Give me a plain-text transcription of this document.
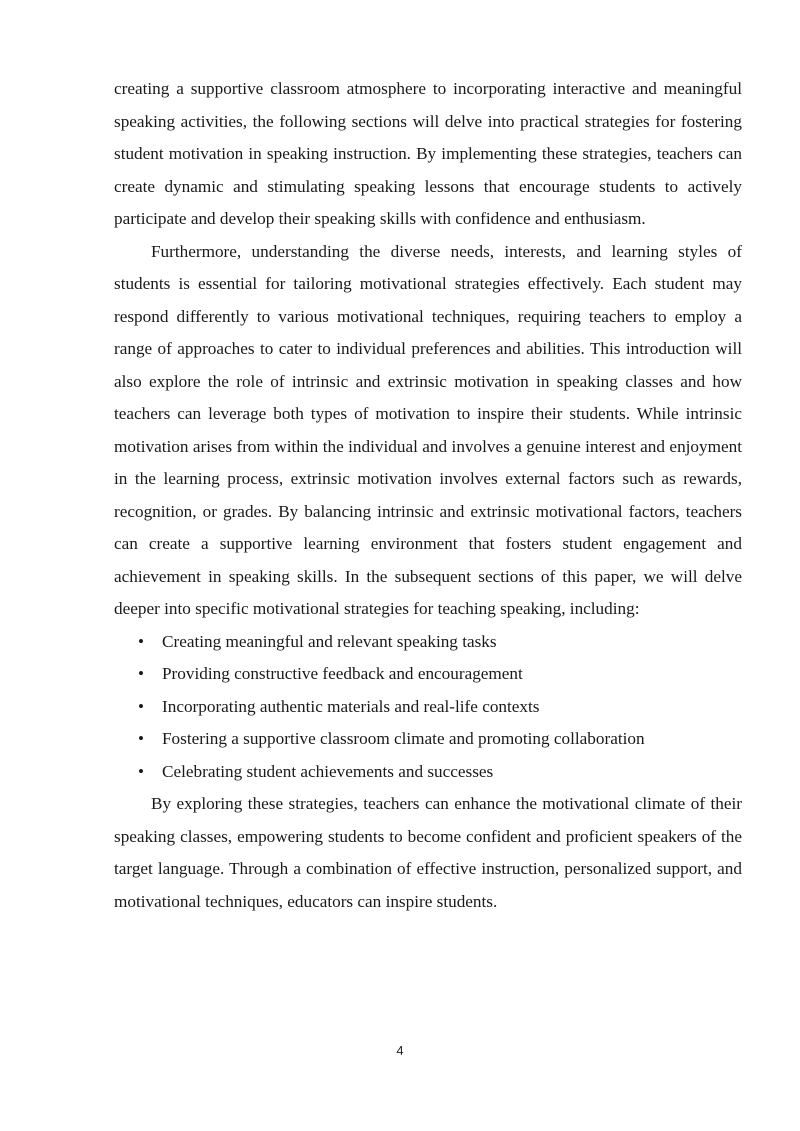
creating a supportive classroom atmosphere to incorporating interactive and meaningful speaking activities, the following sections will delve into practical strategies for fostering student motivation in speaking instruction. By implementing these strategies, teachers can create dynamic and stimulating speaking lessons that encourage students to actively participate and develop their speaking skills with confidence and enthusiasm.

Furthermore, understanding the diverse needs, interests, and learning styles of students is essential for tailoring motivational strategies effectively. Each student may respond differently to various motivational techniques, requiring teachers to employ a range of approaches to cater to individual preferences and abilities. This introduction will also explore the role of intrinsic and extrinsic motivation in speaking classes and how teachers can leverage both types of motivation to inspire their students. While intrinsic motivation arises from within the individual and involves a genuine interest and enjoyment in the learning process, extrinsic motivation involves external factors such as rewards, recognition, or grades. By balancing intrinsic and extrinsic motivational factors, teachers can create a supportive learning environment that fosters student engagement and achievement in speaking skills. In the subsequent sections of this paper, we will delve deeper into specific motivational strategies for teaching speaking, including:

• Creating meaningful and relevant speaking tasks
• Providing constructive feedback and encouragement
• Incorporating authentic materials and real-life contexts
• Fostering a supportive classroom climate and promoting collaboration
• Celebrating student achievements and successes

By exploring these strategies, teachers can enhance the motivational climate of their speaking classes, empowering students to become confident and proficient speakers of the target language. Through a combination of effective instruction, personalized support, and motivational techniques, educators can inspire students.

4
